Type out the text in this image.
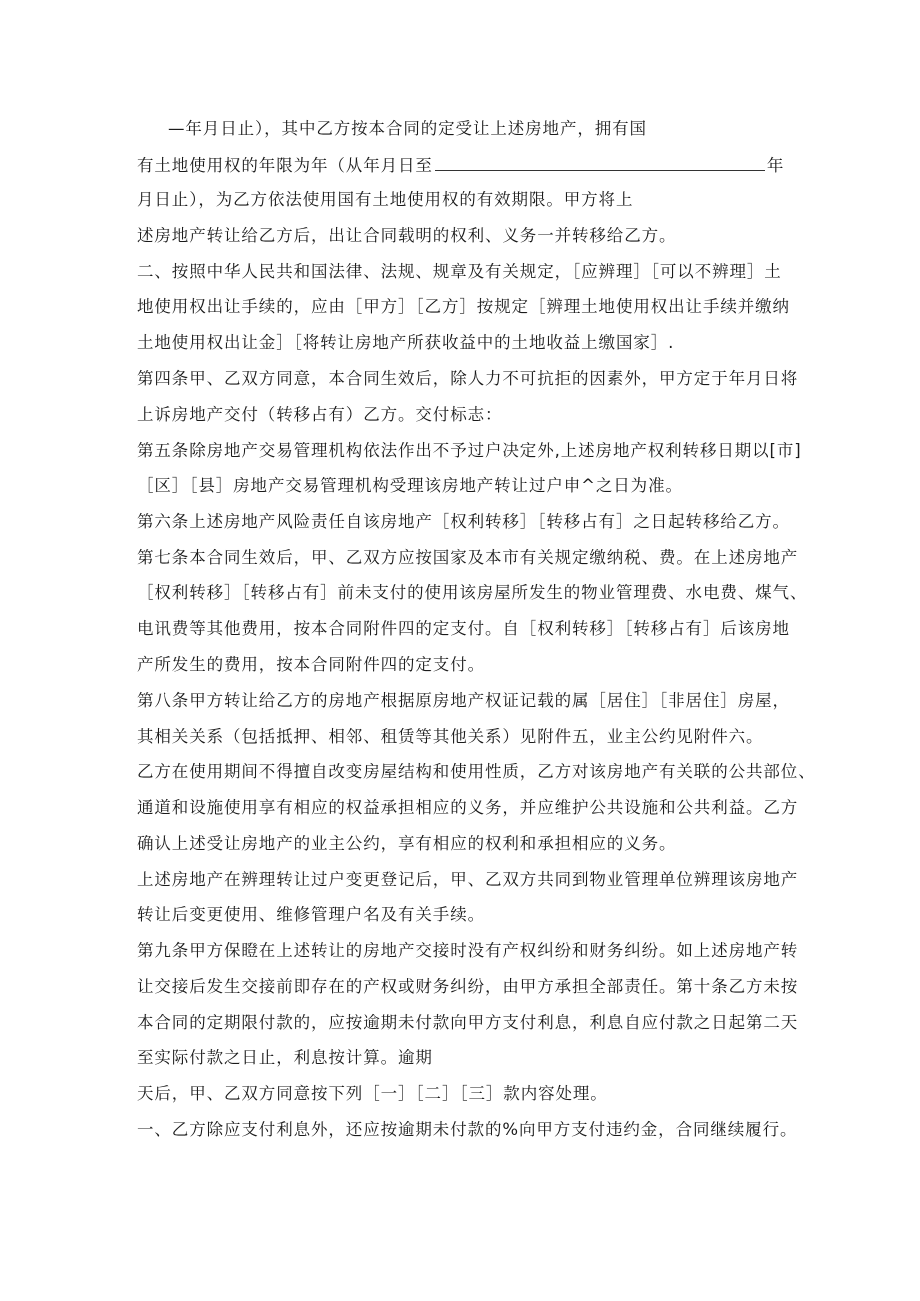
—年月日止），其中乙方按本合同的定受让上述房地产，拥有国
有土地使用权的年限为年（从年月日至	年
月日止），为乙方依法使用国有土地使用权的有效期限。甲方将上
述房地产转让给乙方后，出让合同载明的权利、义务一并转移给乙方。
二、按照中华人民共和国法律、法规、规章及有关规定，［应辨理］［可以不辨理］土
地使用权出让手续的，应由［甲方］［乙方］按规定［辨理土地使用权出让手续并缴纳
土地使用权出让金］［将转让房地产所获收益中的土地收益上缴国家］.
第四条甲、乙双方同意，本合同生效后，除人力不可抗拒的因素外，甲方定于年月日将
上诉房地产交付（转移占有）乙方。交付标志：
第五条除房地产交易管理机构依法作出不予过户决定外,上述房地产权利转移日期以[市]
［区］［县］房地产交易管理机构受理该房地产转让过户申^之日为准。
第六条上述房地产风险责任自该房地产［权利转移］［转移占有］之日起转移给乙方。
第七条本合同生效后，甲、乙双方应按国家及本市有关规定缴纳税、费。在上述房地产
［权利转移］［转移占有］前未支付的使用该房屋所发生的物业管理费、水电费、煤气、
电讯费等其他费用，按本合同附件四的定支付。自［权利转移］［转移占有］后该房地
产所发生的费用，按本合同附件四的定支付。
第八条甲方转让给乙方的房地产根据原房地产权证记载的属［居住］［非居住］房屋，
其相关关系（包括抵押、相邻、租赁等其他关系）见附件五，业主公约见附件六。
乙方在使用期间不得擅自改变房屋结构和使用性质，乙方对该房地产有关联的公共部位、
通道和设施使用享有相应的权益承担相应的义务，并应维护公共设施和公共利益。乙方
确认上述受让房地产的业主公约，享有相应的权利和承担相应的义务。
上述房地产在辨理转让过户变更登记后，甲、乙双方共同到物业管理单位辨理该房地产
转让后变更使用、维修管理户名及有关手续。
第九条甲方保瞪在上述转让的房地产交接时没有产权纠纷和财务纠纷。如上述房地产转
让交接后发生交接前即存在的产权或财务纠纷，由甲方承担全部责任。第十条乙方未按
本合同的定期限付款的，应按逾期未付款向甲方支付利息，利息自应付款之日起第二天
至实际付款之日止，利息按计算。逾期
天后，甲、乙双方同意按下列［一］［二］［三］款内容处理。
一、乙方除应支付利息外，还应按逾期未付款的%向甲方支付违约金，合同继续履行。
